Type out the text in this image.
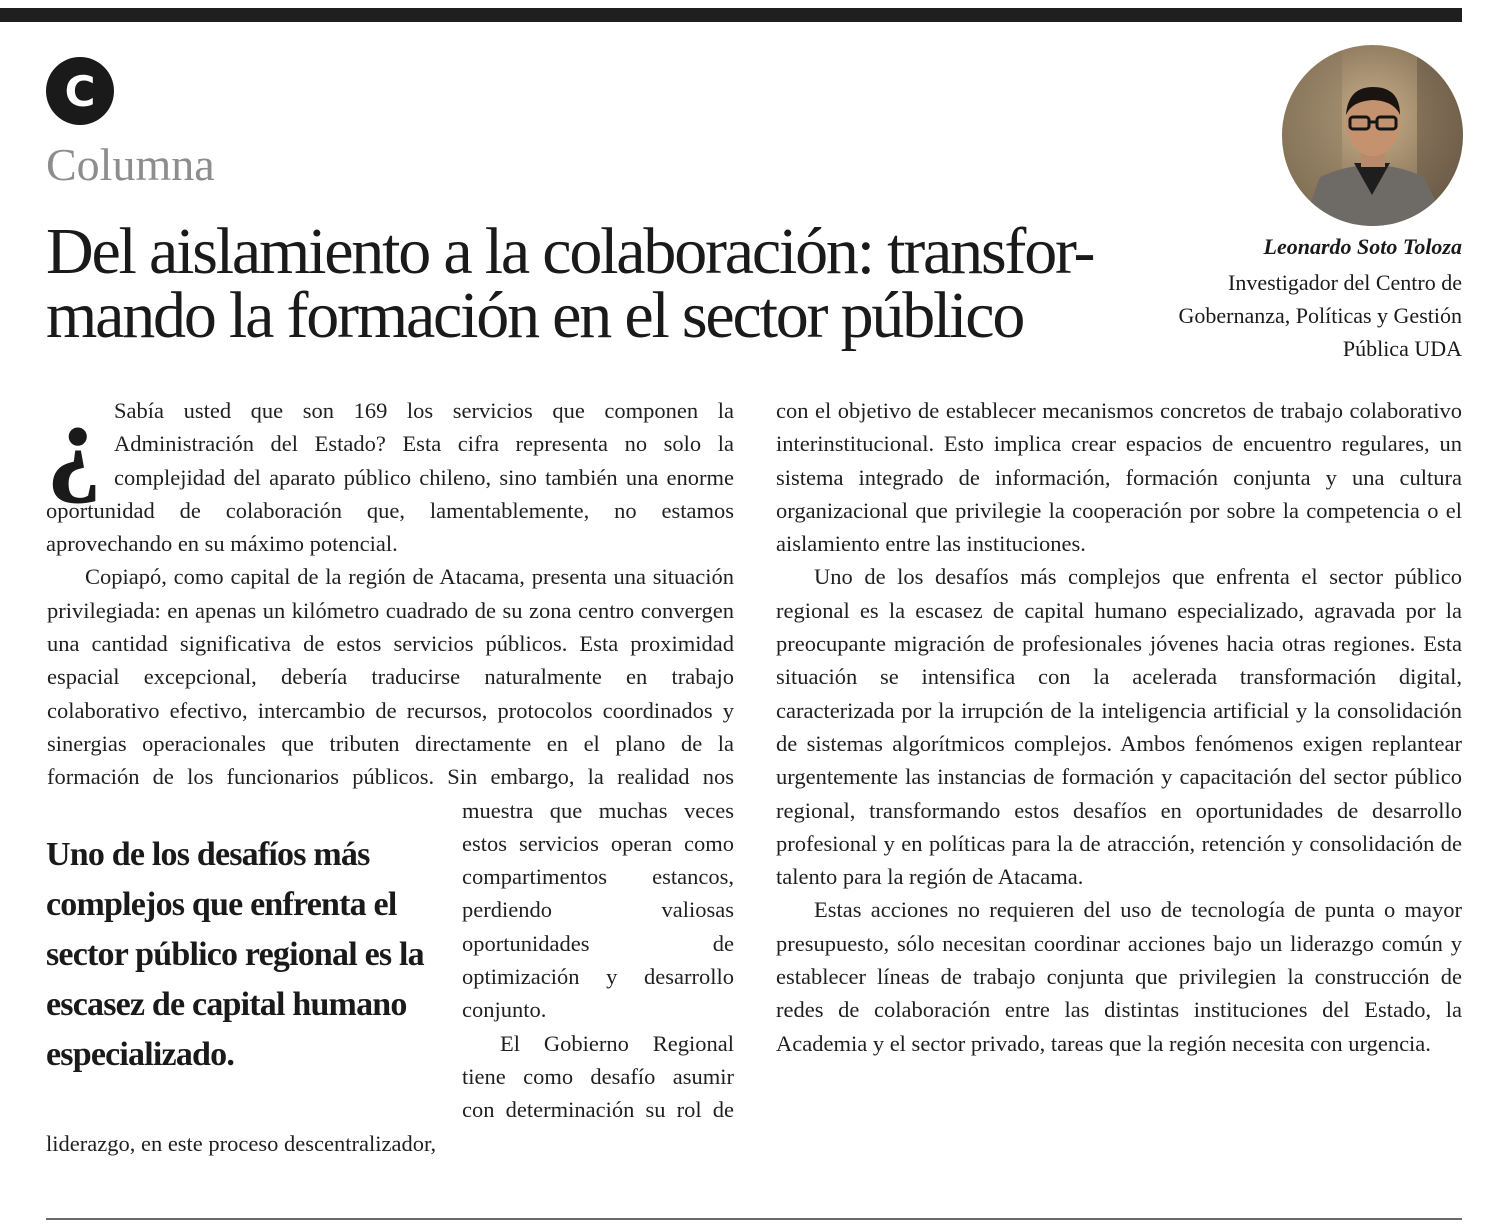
C
Columna
Del aislamiento a la colaboración: transfor-
mando la formación en el sector público
Leonardo Soto Toloza
Investigador del Centro de Gobernanza, Políticas y Gestión Pública UDA
¿ Sabía usted que son 169 los servicios que componen la Administración del Estado? Esta cifra representa no solo la complejidad del aparato público chileno, sino también una enorme oportunidad de colaboración que, lamentablemente, no estamos aprovechando en su máximo potencial.

Uno de los desafíos más complejos que enfrenta el sector público regional es la escasez de capital humano especializado.

Copiapó, como capital de la región de Atacama, presenta una situación privilegiada: en apenas un kilómetro cuadrado de su zona centro convergen una cantidad significativa de estos servicios públicos. Esta proximidad espacial excepcional, debería traducirse naturalmente en trabajo colaborativo efectivo, intercambio de recursos, protocolos coordinados y sinergias operacionales que tributen directamente en el plano de la formación de los funcionarios públicos. Sin embargo, la realidad nos muestra que muchas veces estos servicios operan como compartimentos estancos, perdiendo valiosas oportunidades de optimización y desarrollo conjunto.

El Gobierno Regional tiene como desafío asumir con determinación su rol de liderazgo, en este proceso descentralizador,

con el objetivo de establecer mecanismos concretos de trabajo colaborativo interinstitucional. Esto implica crear espacios de encuentro regulares, un sistema integrado de información, formación conjunta y una cultura organizacional que privilegie la cooperación por sobre la competencia o el aislamiento entre las instituciones.

Uno de los desafíos más complejos que enfrenta el sector público regional es la escasez de capital humano especializado, agravada por la preocupante migración de profesionales jóvenes hacia otras regiones. Esta situación se intensifica con la acelerada transformación digital, caracterizada por la irrupción de la inteligencia artificial y la consolidación de sistemas algorítmicos complejos. Ambos fenómenos exigen replantear urgentemente las instancias de formación y capacitación del sector público regional, transformando estos desafíos en oportunidades de desarrollo profesional y en políticas para la de atracción, retención y consolidación de talento para la región de Atacama.

Estas acciones no requieren del uso de tecnología de punta o mayor presupuesto, sólo necesitan coordinar acciones bajo un liderazgo común y establecer líneas de trabajo conjunta que privilegien la construcción de redes de colaboración entre las distintas instituciones del Estado, la Academia y el sector privado, tareas que la región necesita con urgencia.
